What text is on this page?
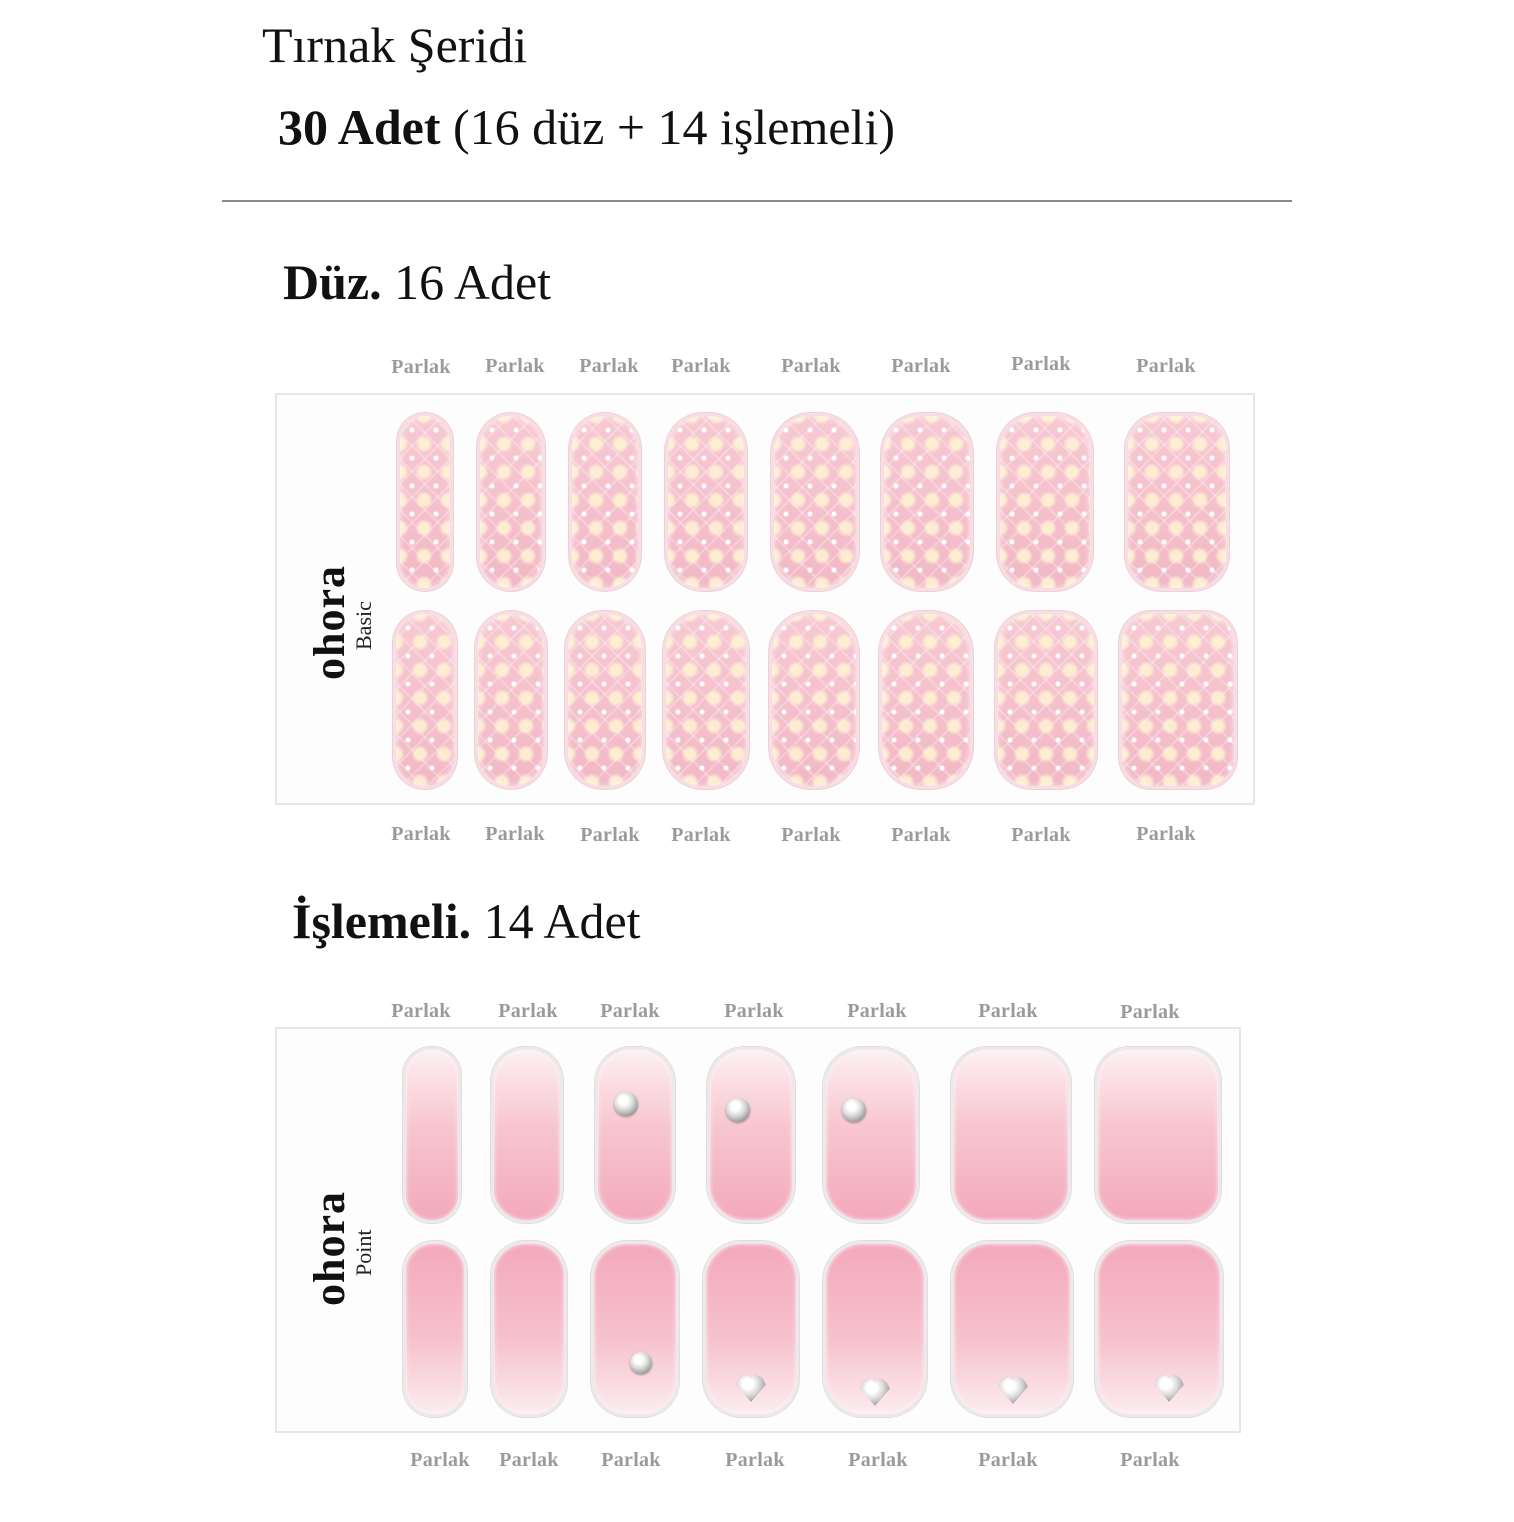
Tırnak Şeridi
30 Adet (16 düz + 14 işlemeli)
Düz. 16 Adet
Parlak Parlak Parlak Parlak	Parlak	Parlak	Parlak	Parlak
ohora
Basic
Parlak Parlak Parlak Parlak	Parlak	Parlak	Parlak	Parlak
İşlemeli. 14 Adet
Parlak Parlak Parlak	Parlak	Parlak	Parlak	Parlak
ohora
Point
Parlak Parlak Parlak	Parlak	Parlak	Parlak	Parlak
